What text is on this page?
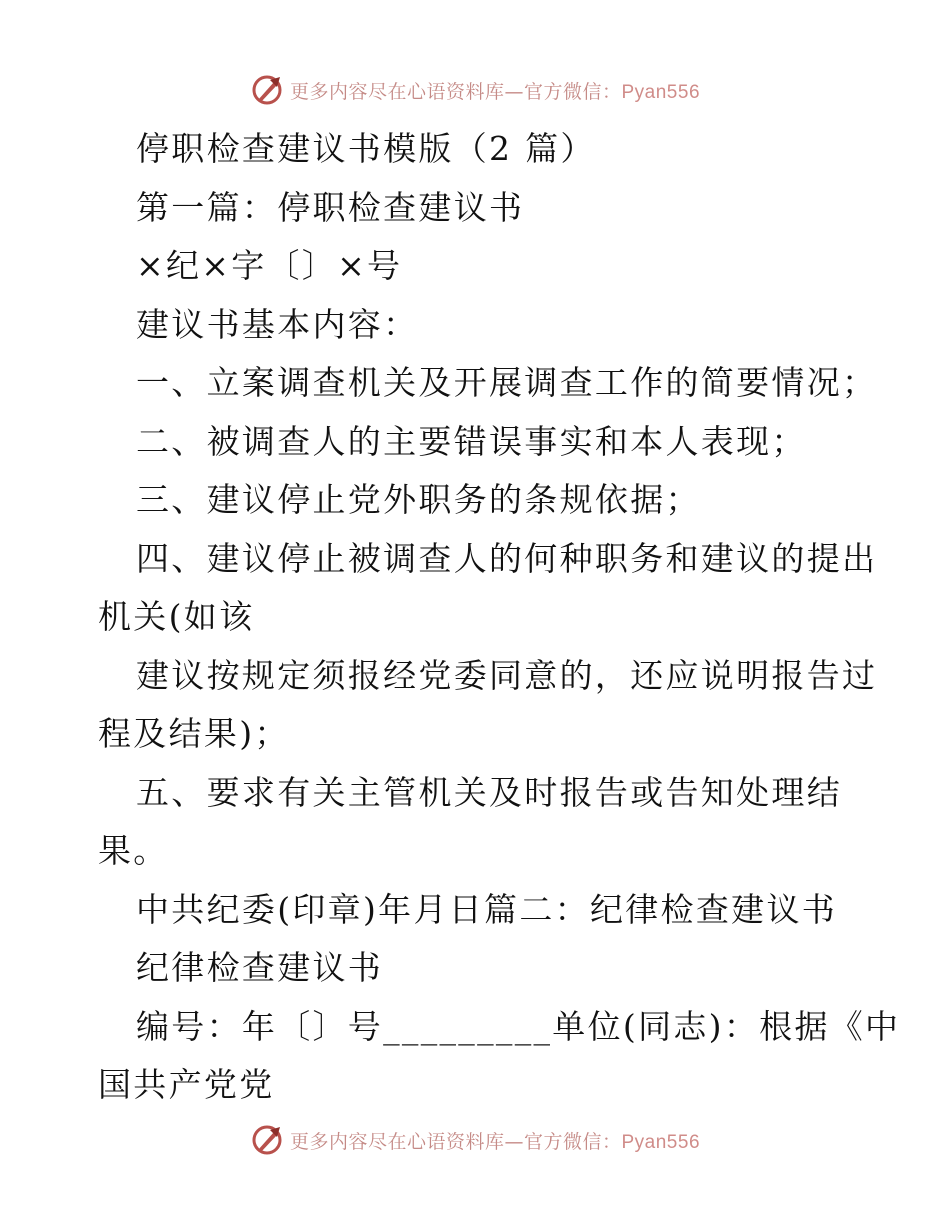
更多内容尽在心语资料库—官方微信：Pyan556
停职检查建议书模版（2 篇）
第一篇：停职检查建议书
×纪×字〔〕×号
建议书基本内容：
一、立案调查机关及开展调查工作的简要情况；
二、被调查人的主要错误事实和本人表现；
三、建议停止党外职务的条规依据；
四、建议停止被调查人的何种职务和建议的提出
机关(如该
建议按规定须报经党委同意的，还应说明报告过
程及结果)；
五、要求有关主管机关及时报告或告知处理结
果。
中共纪委(印章)年月日篇二：纪律检查建议书
纪律检查建议书
编号：年〔〕号_________单位(同志)：根据《中
国共产党党
更多内容尽在心语资料库—官方微信：Pyan556
